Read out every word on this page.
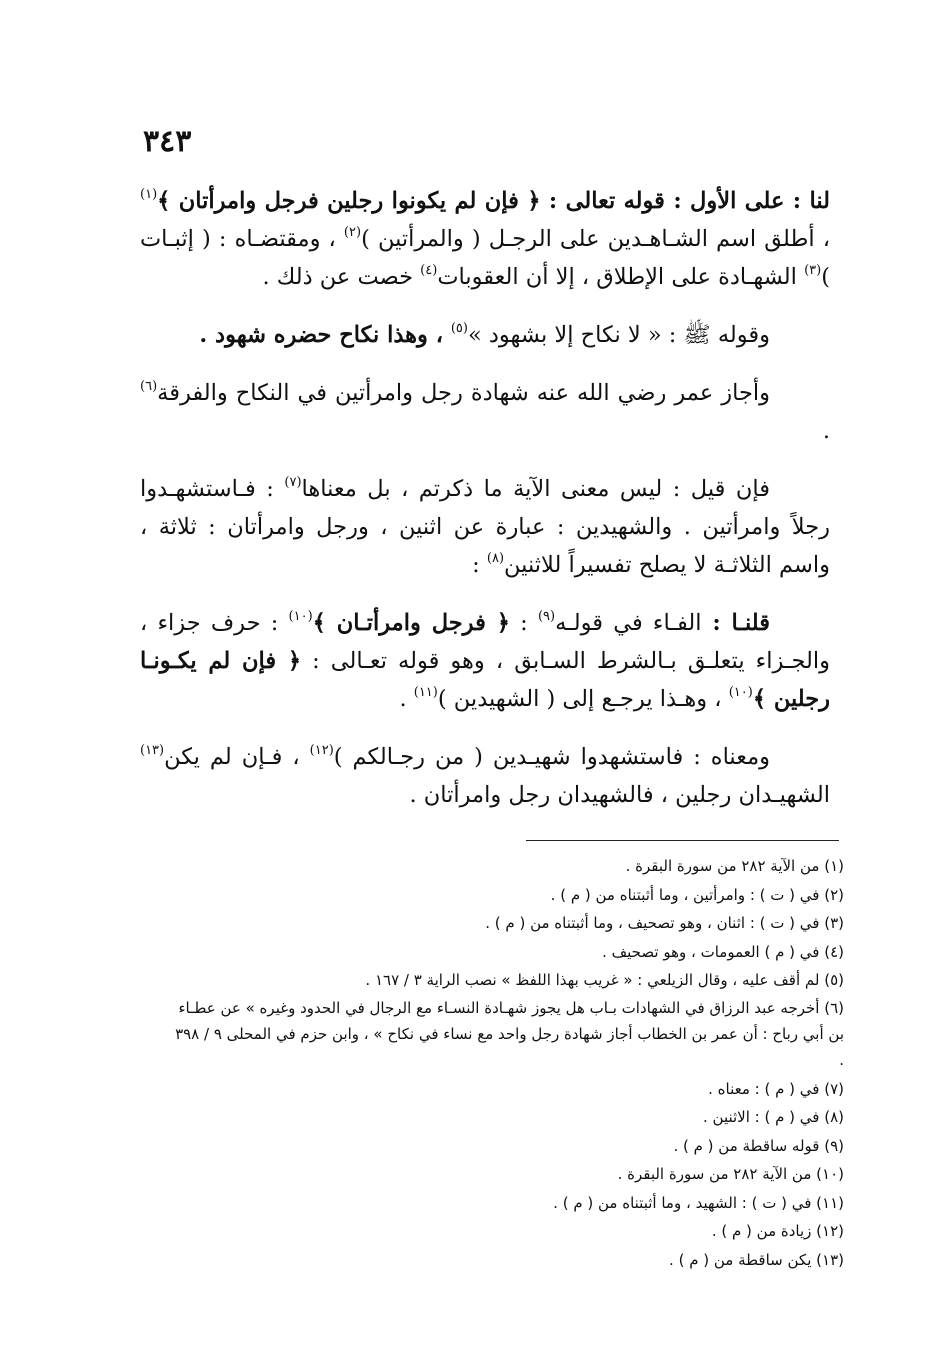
٣٤٣

لنا : على الأول : قوله تعالى : ﴿ فإن لم يكونوا رجلين فرجل وامرأتان ﴾$^{(١)}$ ، أطلق اسم الشـاهـدين على الرجـل ( والمرأتين )$^{(٢)}$ ، ومقتضـاه : ( إثبـات )$^{(٣)}$ الشهـادة على الإطلاق ، إلا أن العقوبات$^{(٤)}$ خصت عن ذلك .

وقوله ﷺ : « لا نكاح إلا بشهود »$^{(٥)}$ ، وهذا نكاح حضره شهود .

وأجاز عمر رضي الله عنه شهادة رجل وامرأتين في النكاح والفرقة$^{(٦)}$ .

فإن قيل : ليس معنى الآية ما ذكرتم ، بل معناها$^{(٧)}$ : فـاستشهـدوا رجلاً وامرأتين . والشهيدين : عبارة عن اثنين ، ورجل وامرأتان : ثلاثة ، واسم الثلاثـة لا يصلح تفسيراً للاثنين$^{(٨)}$ :

قلنـا : الفـاء في قولـه$^{(٩)}$ : ﴿ فرجل وامرأتـان ﴾$^{(١٠)}$ : حرف جزاء ، والجـزاء يتعلـق بـالشرط السـابق ، وهو قوله تعـالى : ﴿ فإن لم يكـونـا رجلين ﴾$^{(١٠)}$ ، وهـذا يرجـع إلى ( الشهيدين )$^{(١١)}$ .

ومعناه : فاستشهدوا شهيـدين ( من رجـالكم )$^{(١٢)}$ ، فـإن لم يكن$^{(١٣)}$ الشهيـدان رجلين ، فالشهيدان رجل وامرأتان .

(١) من الآية ٢٨٢ من سورة البقرة .

(٢) في ( ت ) : وامرأتين ، وما أثبتناه من ( م ) .

(٣) في ( ت ) : اثنان ، وهو تصحيف ، وما أثبتناه من ( م ) .

(٤) في ( م ) العمومات ، وهو تصحيف .

(٥) لم أقف عليه ، وقال الزيلعي : « غريب بهذا اللفظ » نصب الراية ٣ / ١٦٧ .

(٦) أخرجه عبد الرزاق في الشهادات بـاب هل يجوز شهـادة النسـاء مع الرجال في الحدود وغيره » عن عطـاء بن أبي رباح : أن عمر بن الخطاب أجاز شهادة رجل واحد مع نساء في نكاح » ، وابن حزم في المحلى ٩ / ٣٩٨ .

(٧) في ( م ) : معناه .

(٨) في ( م ) : الاثنين .

(٩) قوله ساقطة من ( م ) .

(١٠) من الآية ٢٨٢ من سورة البقرة .

(١١) في ( ت ) : الشهيد ، وما أثبتناه من ( م ) .

(١٢) زيادة من ( م ) .

(١٣) يكن ساقطة من ( م ) .
